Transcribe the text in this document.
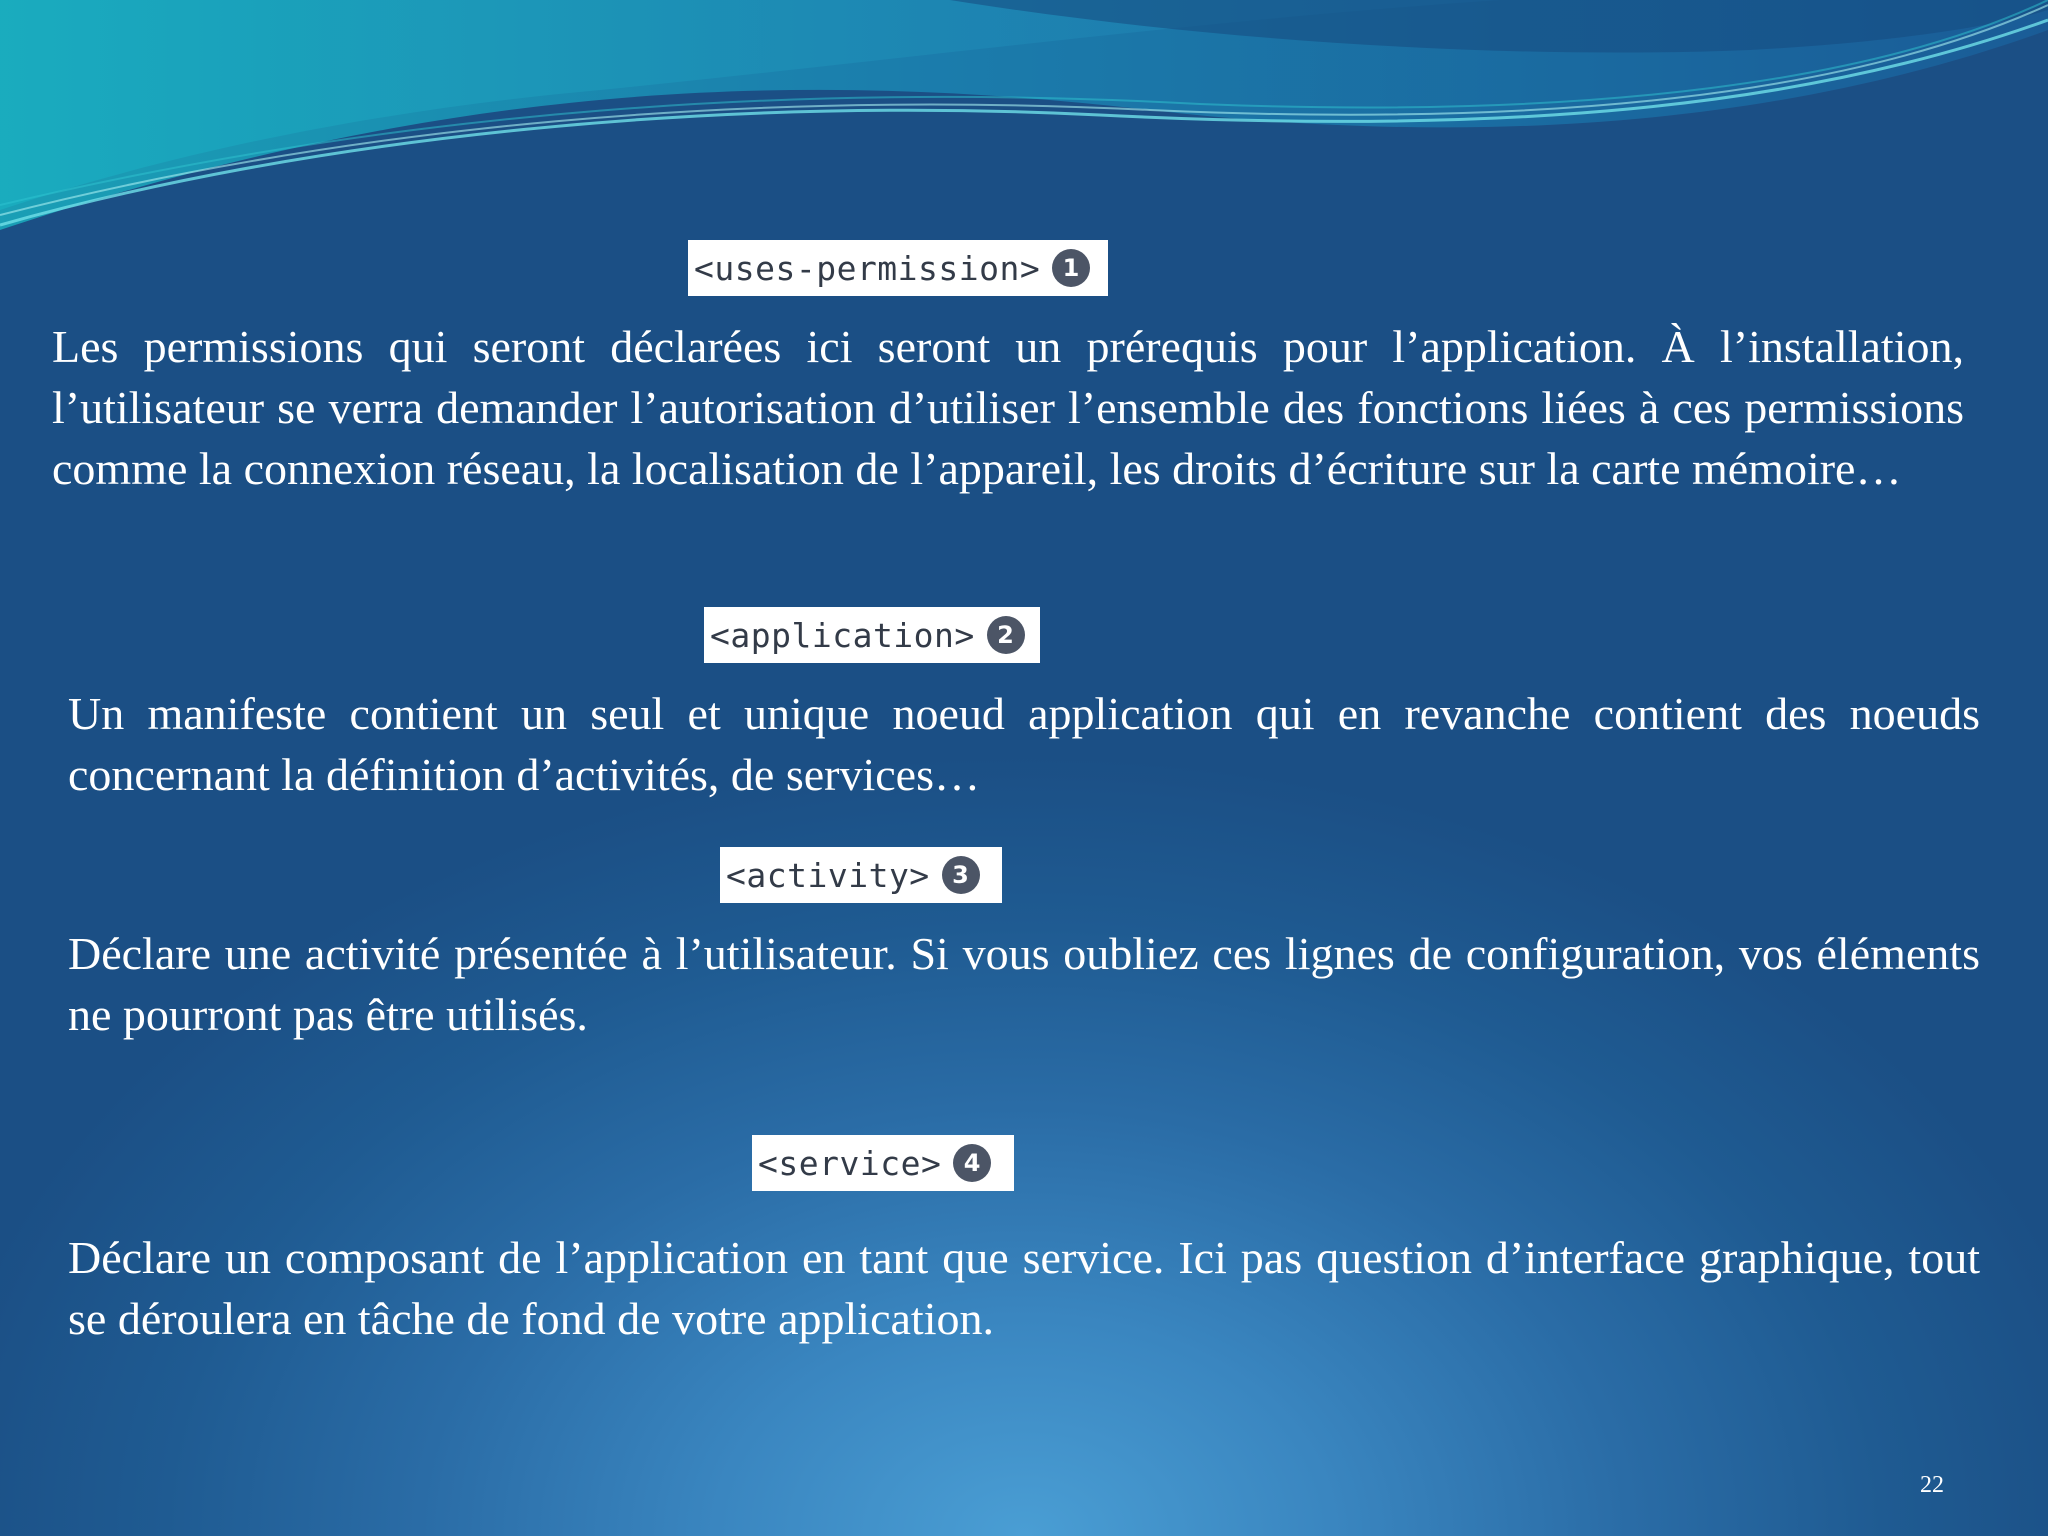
<uses-permission> 1
Les permissions qui seront déclarées ici seront un prérequis pour l’application. À l’installation, l’utilisateur se verra demander l’autorisation d’utiliser l’ensemble des fonctions liées à ces permissions comme la connexion réseau, la localisation de l’appareil, les droits d’écriture sur la carte mémoire…
<application> 2
Un manifeste contient un seul et unique noeud application qui en revanche contient des noeuds concernant la définition d’activités, de services…
<activity> 3
Déclare une activité présentée à l’utilisateur. Si vous oubliez ces lignes de configuration, vos éléments ne pourront pas être utilisés.
<service> 4
Déclare un composant de l’application en tant que service. Ici pas question d’interface graphique, tout se déroulera en tâche de fond de votre application.
22
